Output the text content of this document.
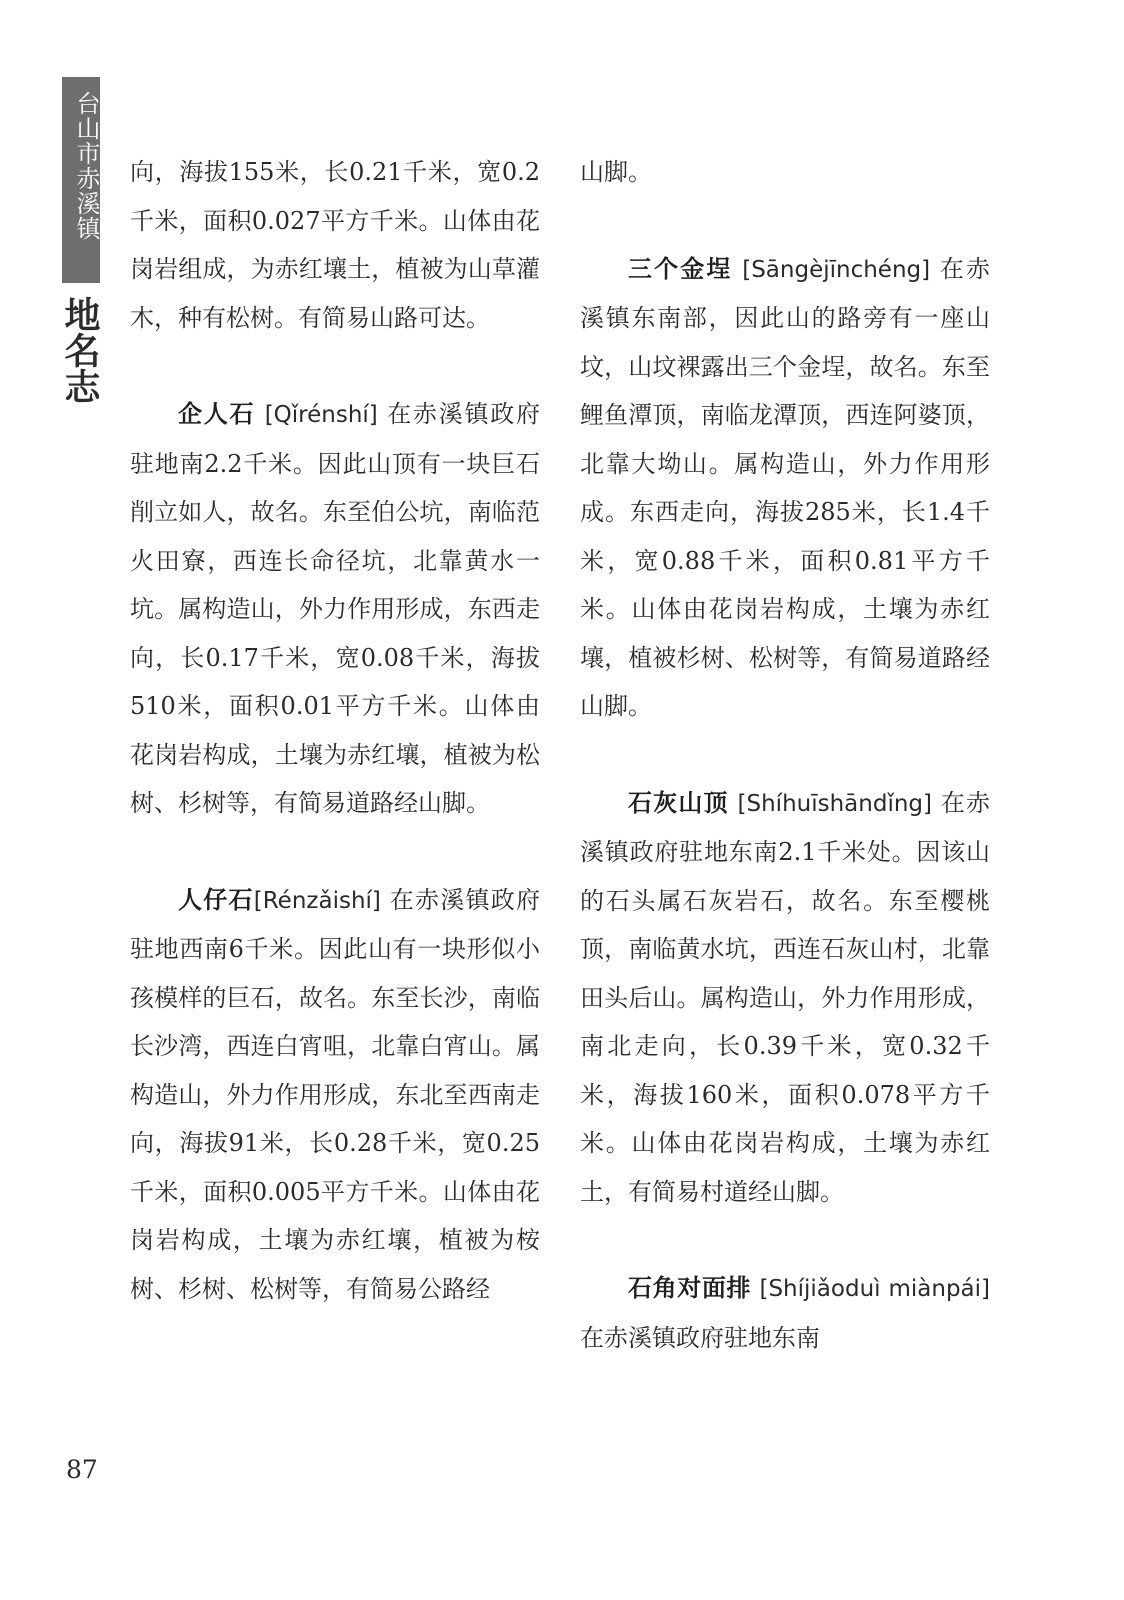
台山市赤溪镇
地名志

向，海拔155米，长0.21千米，宽0.2千米，面积0.027平方千米。山体由花岗岩组成，为赤红壤土，植被为山草灌木，种有松树。有简易山路可达。

企人石 [Qǐrénshí] 在赤溪镇政府驻地南2.2千米。因此山顶有一块巨石削立如人，故名。东至伯公坑，南临范火田寮，西连长命径坑，北靠黄水一坑。属构造山，外力作用形成，东西走向，长0.17千米，宽0.08千米，海拔510米，面积0.01平方千米。山体由花岗岩构成，土壤为赤红壤，植被为松树、杉树等，有简易道路经山脚。

人仔石[Rénzǎishí] 在赤溪镇政府驻地西南6千米。因此山有一块形似小孩模样的巨石，故名。东至长沙，南临长沙湾，西连白宵咀，北靠白宵山。属构造山，外力作用形成，东北至西南走向，海拔91米，长0.28千米，宽0.25千米，面积0.005平方千米。山体由花岗岩构成，土壤为赤红壤，植被为桉树、杉树、松树等，有简易公路经

山脚。

三个金埕 [Sāngèjīnchéng] 在赤溪镇东南部，因此山的路旁有一座山坟，山坟裸露出三个金埕，故名。东至鲤鱼潭顶，南临龙潭顶，西连阿婆顶，北靠大坳山。属构造山，外力作用形成。东西走向，海拔285米，长1.4千米，宽0.88千米，面积0.81平方千米。山体由花岗岩构成，土壤为赤红壤，植被杉树、松树等，有简易道路经山脚。

石灰山顶 [Shíhuīshāndǐng] 在赤溪镇政府驻地东南2.1千米处。因该山的石头属石灰岩石，故名。东至樱桃顶，南临黄水坑，西连石灰山村，北靠田头后山。属构造山，外力作用形成，南北走向，长0.39千米，宽0.32千米，海拔160米，面积0.078平方千米。山体由花岗岩构成，土壤为赤红土，有简易村道经山脚。

石角对面排 [Shíjiǎoduì miànpái] 在赤溪镇政府驻地东南

87
